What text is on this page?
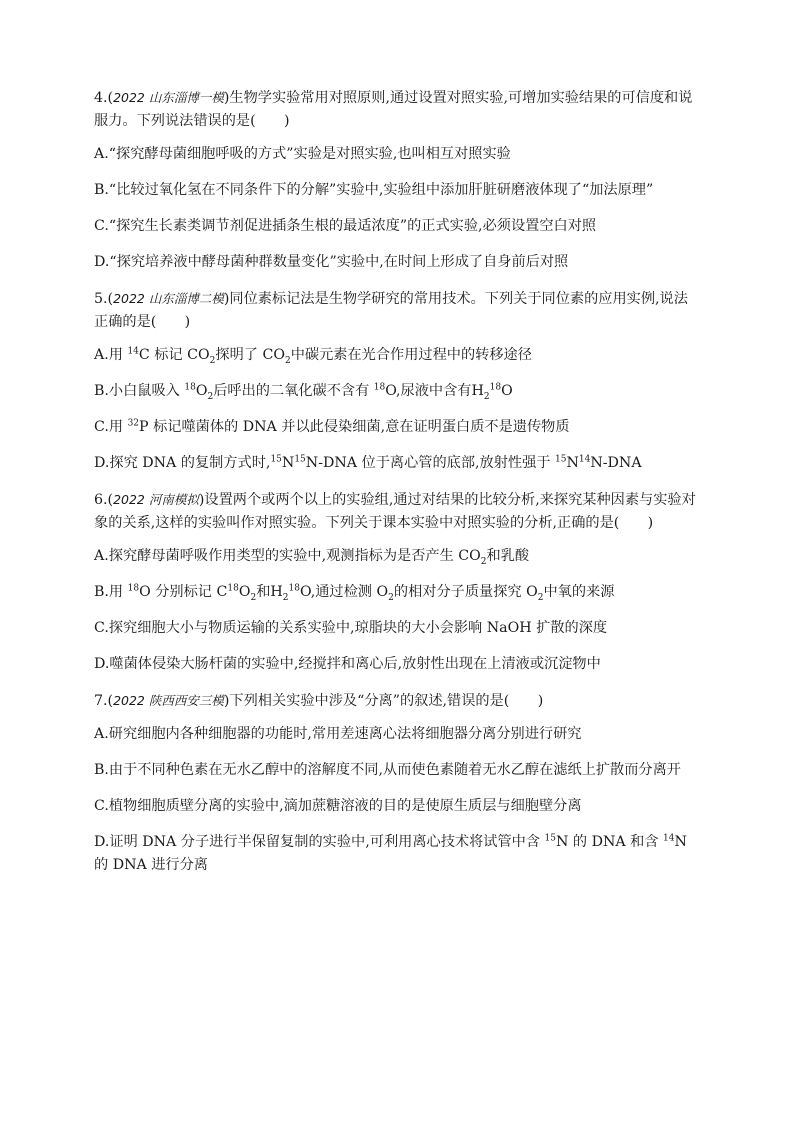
4.(2022 山东淄博一模)生物学实验常用对照原则,通过设置对照实验,可增加实验结果的可信度和说服力。下列说法错误的是(　　)

A.“探究酵母菌细胞呼吸的方式”实验是对照实验,也叫相互对照实验

B.“比较过氧化氢在不同条件下的分解”实验中,实验组中添加肝脏研磨液体现了“加法原理”

C.“探究生长素类调节剂促进插条生根的最适浓度”的正式实验,必须设置空白对照

D.“探究培养液中酵母菌种群数量变化”实验中,在时间上形成了自身前后对照

5.(2022 山东淄博二模)同位素标记法是生物学研究的常用技术。下列关于同位素的应用实例,说法正确的是(　　)

A.用 $^{14}$C 标记 $CO_2$探明了 $CO_2$中碳元素在光合作用过程中的转移途径

B.小白鼠吸入 $^{18}O_2$后呼出的二氧化碳不含有 $^{18}$O,尿液中含有$H_2^{18}O$

C.用 $^{32}$P 标记噬菌体的 DNA 并以此侵染细菌,意在证明蛋白质不是遗传物质

D.探究 DNA 的复制方式时$,^{15}N^{15}N$-DNA 位于离心管的底部,放射性强于 $^{15}N^{14}N$-DNA

6.(2022 河南模拟)设置两个或两个以上的实验组,通过对结果的比较分析,来探究某种因素与实验对象的关系,这样的实验叫作对照实验。下列关于课本实验中对照实验的分析,正确的是(　　)

A.探究酵母菌呼吸作用类型的实验中,观测指标为是否产生 $CO_2$和乳酸

B.用 $^{18}$O 分别标记 $C^{18}O_2$和$H_2^{18}O$,通过检测 $O_2$的相对分子质量探究 $O_2$中氧的来源

C.探究细胞大小与物质运输的关系实验中,琼脂块的大小会影响 NaOH 扩散的深度

D.噬菌体侵染大肠杆菌的实验中,经搅拌和离心后,放射性出现在上清液或沉淀物中

7.(2022 陕西西安三模)下列相关实验中涉及“分离”的叙述,错误的是(　　)

A.研究细胞内各种细胞器的功能时,常用差速离心法将细胞器分离分别进行研究

B.由于不同种色素在无水乙醇中的溶解度不同,从而使色素随着无水乙醇在滤纸上扩散而分离开

C.植物细胞质壁分离的实验中,滴加蔗糖溶液的目的是使原生质层与细胞壁分离

D.证明 DNA 分子进行半保留复制的实验中,可利用离心技术将试管中含 $^{15}$N 的 DNA 和含 $^{14}$N 的 DNA 进行分离
